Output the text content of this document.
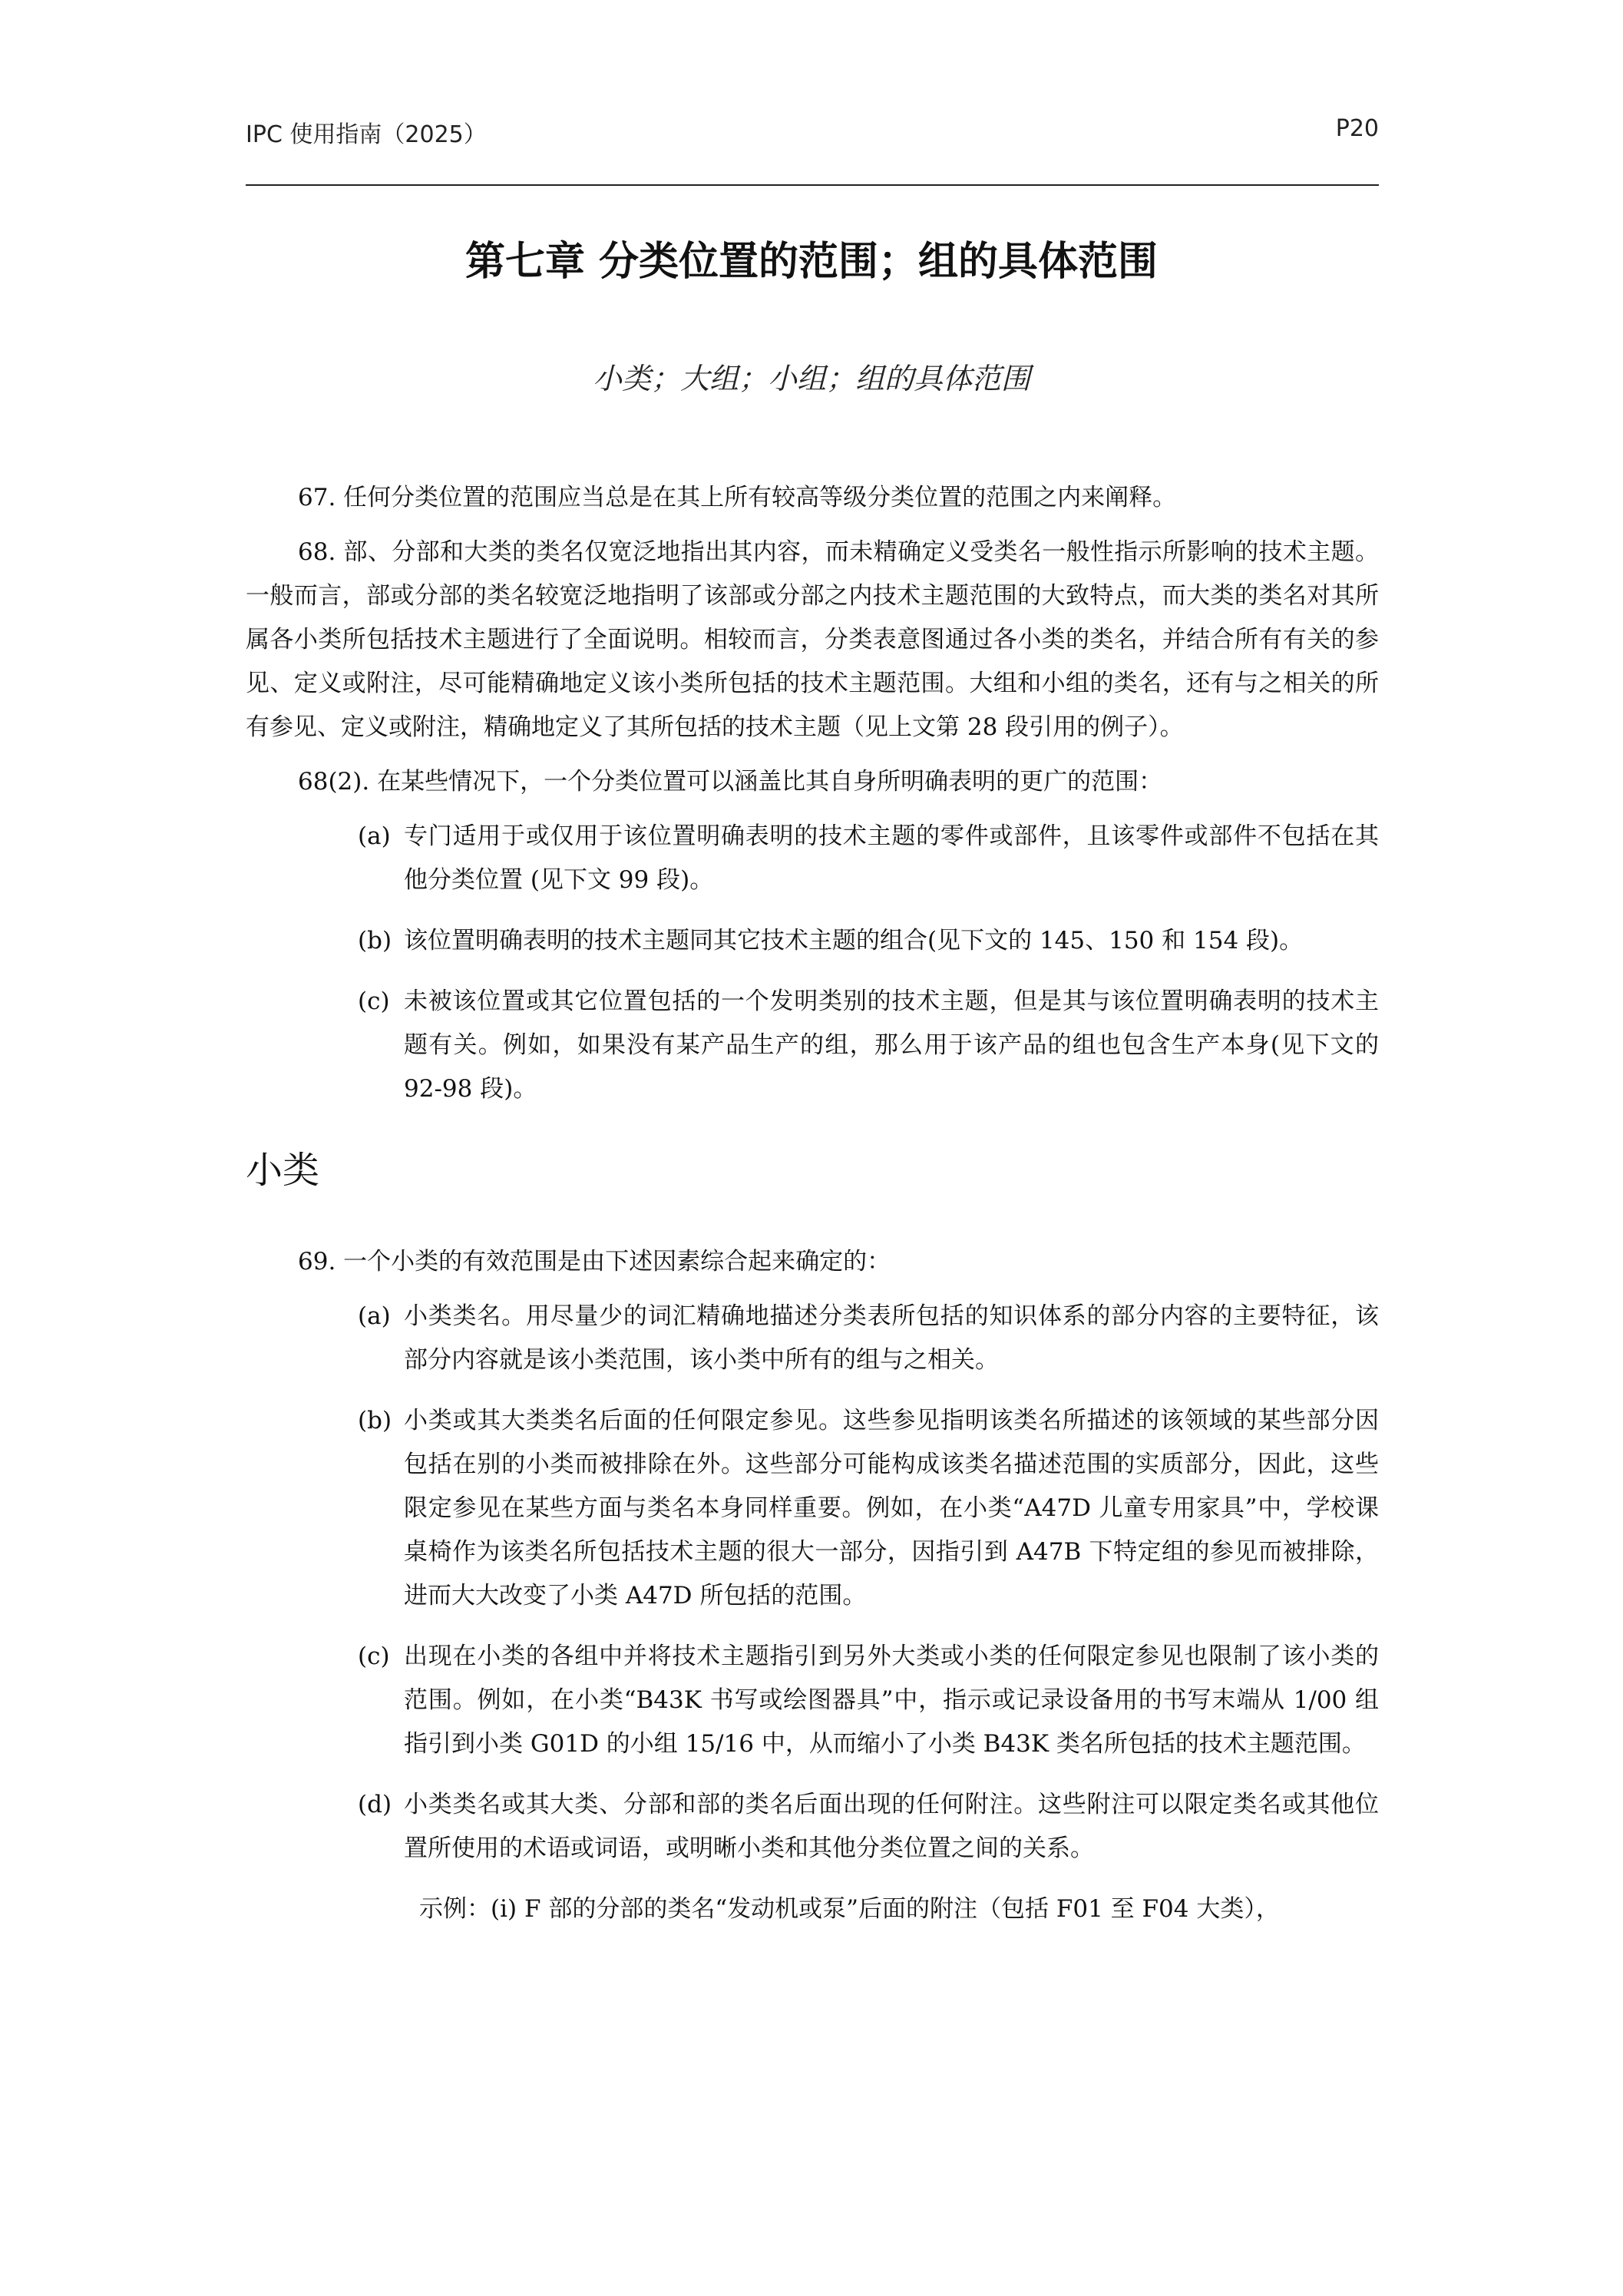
IPC 使用指南（2025）	P20
第七章 分类位置的范围；组的具体范围
小类；大组；小组；组的具体范围

67. 任何分类位置的范围应当总是在其上所有较高等级分类位置的范围之内来阐释。

68. 部、分部和大类的类名仅宽泛地指出其内容，而未精确定义受类名一般性指示所影响的技术主题。一般而言，部或分部的类名较宽泛地指明了该部或分部之内技术主题范围的大致特点，而大类的类名对其所属各小类所包括技术主题进行了全面说明。相较而言，分类表意图通过各小类的类名，并结合所有有关的参见、定义或附注，尽可能精确地定义该小类所包括的技术主题范围。大组和小组的类名，还有与之相关的所有参见、定义或附注，精确地定义了其所包括的技术主题（见上文第 28 段引用的例子）。

68(2). 在某些情况下，一个分类位置可以涵盖比其自身所明确表明的更广的范围：

(a) 专门适用于或仅用于该位置明确表明的技术主题的零件或部件，且该零件或部件不包括在其他分类位置 (见下文 99 段)。
(b) 该位置明确表明的技术主题同其它技术主题的组合(见下文的 145、150 和 154 段)。
(c) 未被该位置或其它位置包括的一个发明类别的技术主题，但是其与该位置明确表明的技术主题有关。例如，如果没有某产品生产的组，那么用于该产品的组也包含生产本身(见下文的 92-98 段)。
小类

69. 一个小类的有效范围是由下述因素综合起来确定的：

(a) 小类类名。用尽量少的词汇精确地描述分类表所包括的知识体系的部分内容的主要特征，该部分内容就是该小类范围，该小类中所有的组与之相关。
(b) 小类或其大类类名后面的任何限定参见。这些参见指明该类名所描述的该领域的某些部分因包括在别的小类而被排除在外。这些部分可能构成该类名描述范围的实质部分，因此，这些限定参见在某些方面与类名本身同样重要。例如，在小类“A47D 儿童专用家具”中，学校课桌椅作为该类名所包括技术主题的很大一部分，因指引到 A47B 下特定组的参见而被排除，进而大大改变了小类 A47D 所包括的范围。
(c) 出现在小类的各组中并将技术主题指引到另外大类或小类的任何限定参见也限制了该小类的范围。例如，在小类“B43K 书写或绘图器具”中，指示或记录设备用的书写末端从 1/00 组指引到小类 G01D 的小组 15/16 中，从而缩小了小类 B43K 类名所包括的技术主题范围。
(d) 小类类名或其大类、分部和部的类名后面出现的任何附注。这些附注可以限定类名或其他位置所使用的术语或词语，或明晰小类和其他分类位置之间的关系。

示例：(i) F 部的分部的类名“发动机或泵”后面的附注（包括 F01 至 F04 大类），
